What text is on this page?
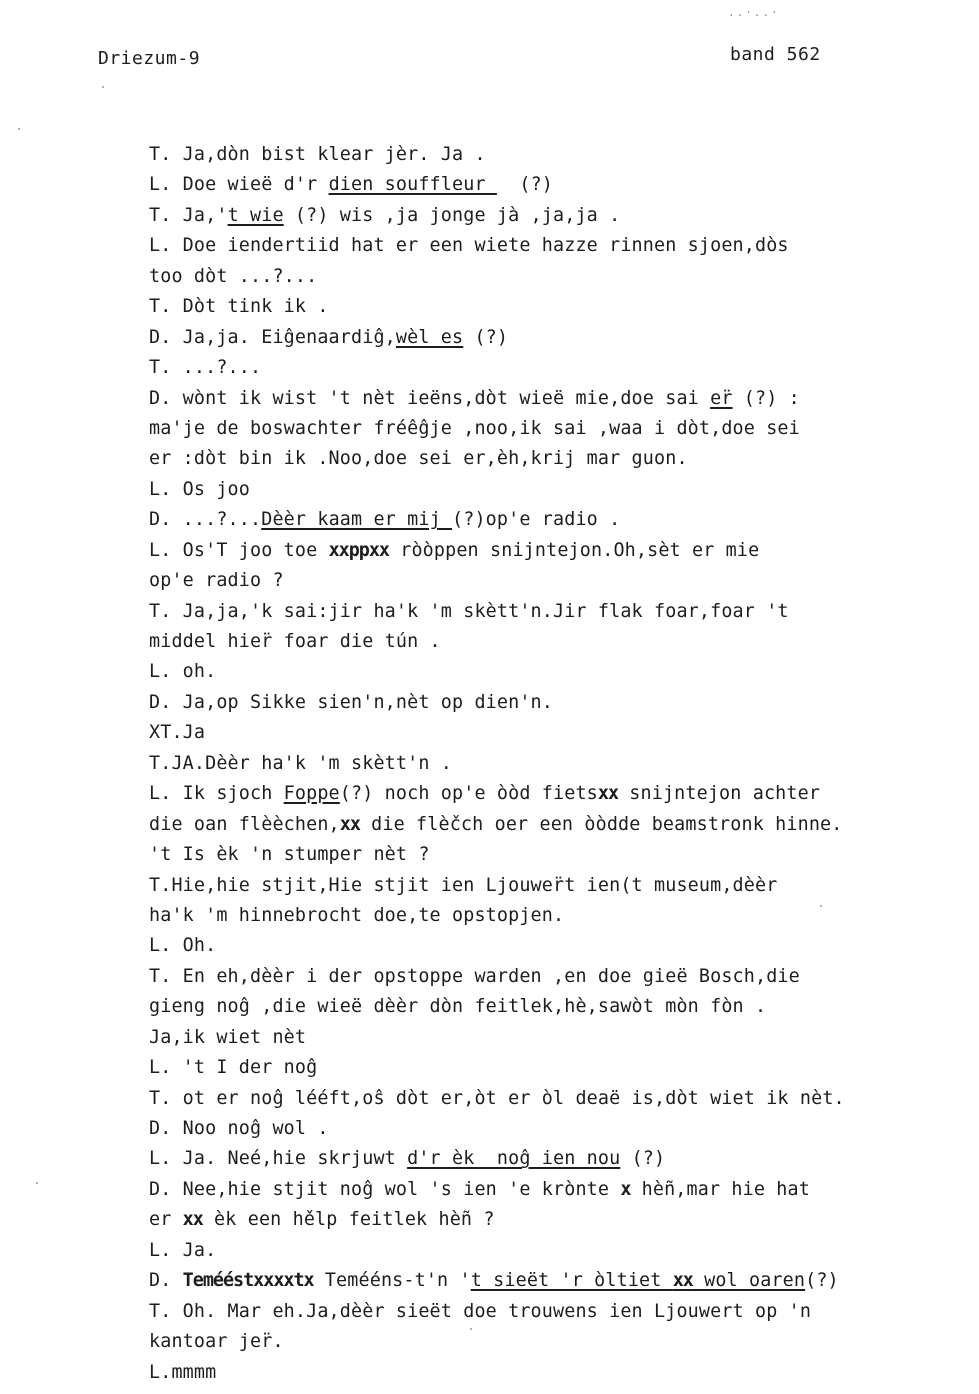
..·..·
Driezum-9	band 562
T. Ja,dòn bist klear jèr. Ja .
L. Doe wieë d'r dien souffleur   (?)
T. Ja,'t wie (?) wis ,ja jonge jà ,ja,ja .
L. Doe iendertiid hat er een wiete hazze rinnen sjoen,dòs
too dòt ...?...
T. Dòt tink ik .
D. Ja,ja. Eiĝenaardiĝ,wèl es (?)
T. ...?...
D. wònt ik wist 't nèt ieëns,dòt wieë mie,doe sai er̈ (?) :
ma'je de boswachter fréêĝje ,noo,ik sai ,waa i dòt,doe sei
er :dòt bin ik .Noo,doe sei er,èh,krij mar guon.
L. Os joo
D. ...?...Dèèr kaam er mij (?)op'e radio .
L. Os'T joo toe xxppxx ròòppen snijntejon.Oh,sèt er mie
op'e radio ?
T. Ja,ja,'k sai:jir ha'k 'm skètt'n.Jir flak foar,foar 't
middel hier̈ foar die tún .
L. oh.
D. Ja,op Sikke sien'n,nèt op dien'n.
XT.Ja
T.JA.Dèèr ha'k 'm skètt'n .
L. Ik sjoch Foppe(?) noch op'e òòd fietsxx snijntejon achter
die oan flèèchen,xx die flèčch oer een òòdde beamstronk hinne.
't Is èk 'n stumper nèt ?
T.Hie,hie stjit,Hie stjit ien Ljouwer̈t ien(t museum,dèèr
ha'k 'm hinnebrocht doe,te opstopjen.
L. Oh.
T. En eh,dèèr i der opstoppe warden ,en doe gieë Bosch,die
gieng noĝ ,die wieë dèèr dòn feitlek,hè,sawòt mòn fòn .
Ja,ik wiet nèt
L. 't I der noĝ
T. ot er noĝ lééft,oŝ dòt er,òt er òl deaë is,dòt wiet ik nèt.
D. Noo noĝ wol .
L. Ja. Neé,hie skrjuwt d'r èk  noĝ ien nou (?)
D. Nee,hie stjit noĝ wol 's ien 'e krònte x hèñ,mar hie hat
er xx èk een hělp feitlek hèñ ?
L. Ja.
D. Temééstxxxxtx Temééns-t'n 't sieët 'r òltiet xx wol oaren(?)
T. Oh. Mar eh.Ja,dèèr sieët doe trouwens ien Ljouwert op 'n
kantoar jer̈.
L.mmmm
